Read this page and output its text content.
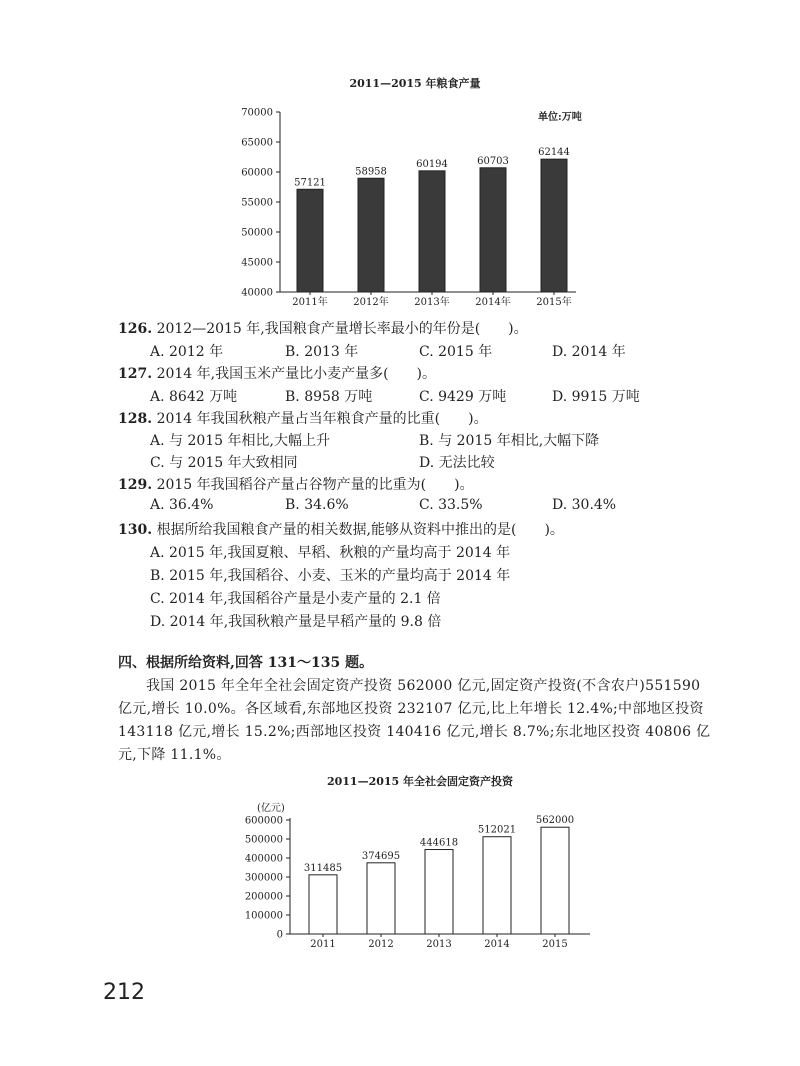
2011—2015 年粮食产量
单位:万吨
40000
45000
50000
55000
60000
65000
70000
57121
2011年
58958
2012年
60194
2013年
60703
2014年
62144
2015年
126. 2012—2015 年,我国粮食产量增长率最小的年份是(　　)。
A. 2012 年	B. 2013 年	C. 2015 年	D. 2014 年
127. 2014 年,我国玉米产量比小麦产量多(　　)。
A. 8642 万吨	B. 8958 万吨	C. 9429 万吨	D. 9915 万吨
128. 2014 年我国秋粮产量占当年粮食产量的比重(　　)。
A. 与 2015 年相比,大幅上升	B. 与 2015 年相比,大幅下降
C. 与 2015 年大致相同	D. 无法比较
129. 2015 年我国稻谷产量占谷物产量的比重为(　　)。
A. 36.4%	B. 34.6%	C. 33.5%	D. 30.4%
130. 根据所给我国粮食产量的相关数据,能够从资料中推出的是(　　)。
A. 2015 年,我国夏粮、早稻、秋粮的产量均高于 2014 年
B. 2015 年,我国稻谷、小麦、玉米的产量均高于 2014 年
C. 2014 年,我国稻谷产量是小麦产量的 2.1 倍
D. 2014 年,我国秋粮产量是早稻产量的 9.8 倍
四、根据所给资料,回答 131～135 题。
我国 2015 年全年全社会固定资产投资 562000 亿元,固定资产投资(不含农户)551590 亿元,增长 10.0%。各区域看,东部地区投资 232107 亿元,比上年增长 12.4%;中部地区投资 143118 亿元,增长 15.2%;西部地区投资 140416 亿元,增长 8.7%;东北地区投资 40806 亿元,下降 11.1%。
2011—2015 年全社会固定资产投资
(亿元)
0
100000
200000
300000
400000
500000
600000
311485
2011
374695
2012
444618
2013
512021
2014
562000
2015
212
